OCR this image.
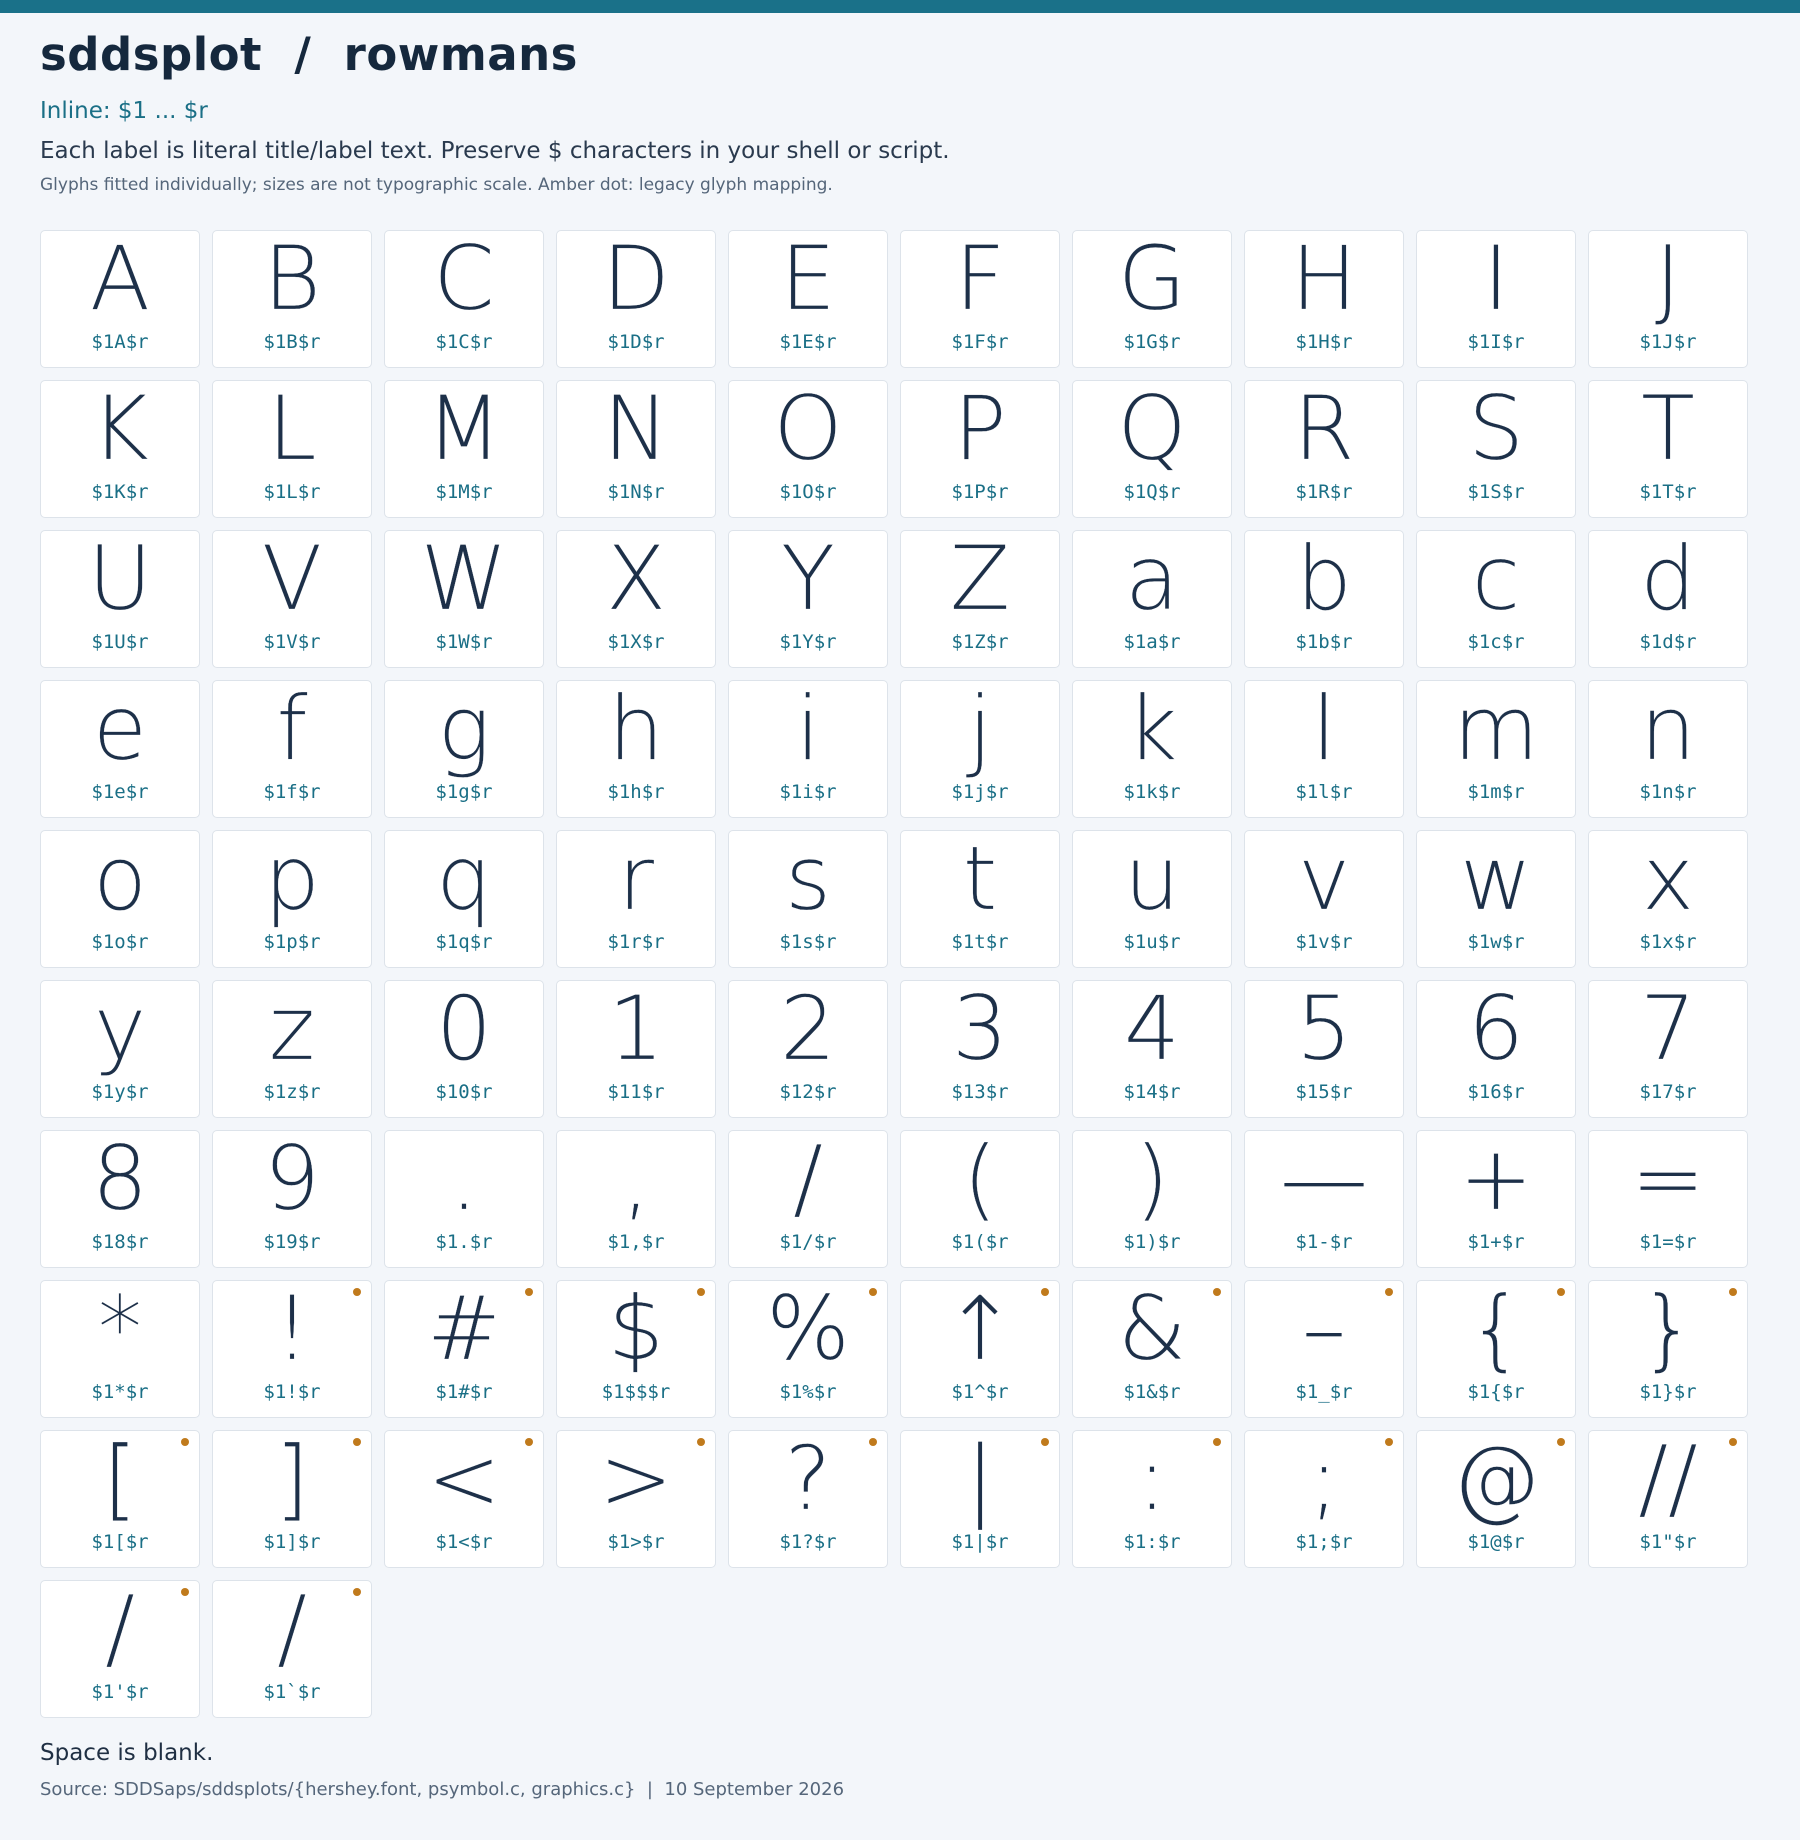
sddsplot  /  rowmans
Inline: $1 ... $r
Each label is literal title/label text. Preserve $ characters in your shell or script.
Glyphs fitted individually; sizes are not typographic scale. Amber dot: legacy glyph mapping.
A
$1A$r
B
$1B$r
C
$1C$r
D
$1D$r
E
$1E$r
F
$1F$r
G
$1G$r
H
$1H$r
I
$1I$r
J
$1J$r
K
$1K$r
L
$1L$r
M
$1M$r
N
$1N$r
O
$1O$r
P
$1P$r
Q
$1Q$r
R
$1R$r
S
$1S$r
T
$1T$r
U
$1U$r
V
$1V$r
W
$1W$r
X
$1X$r
Y
$1Y$r
Z
$1Z$r
a
$1a$r
b
$1b$r
c
$1c$r
d
$1d$r
e
$1e$r
f
$1f$r
g
$1g$r
h
$1h$r
i
$1i$r
j
$1j$r
k
$1k$r
l
$1l$r
m
$1m$r
n
$1n$r
o
$1o$r
p
$1p$r
q
$1q$r
r
$1r$r
s
$1s$r
t
$1t$r
u
$1u$r
v
$1v$r
w
$1w$r
x
$1x$r
y
$1y$r
z
$1z$r
0
$10$r
1
$11$r
2
$12$r
3
$13$r
4
$14$r
5
$15$r
6
$16$r
7
$17$r
8
$18$r
9
$19$r
.
$1.$r
,
$1,$r
/
$1/$r
(
$1($r
)
$1)$r
—
$1-$r
+
$1+$r
=
$1=$r
*
$1*$r
!
$1!$r
#
$1#$r
$
$1$$$r
%
$1%$r
↑
$1^$r
&
$1&$r
–
$1_$r
{
$1{$r
}
$1}$r
[
$1[$r
]
$1]$r
<
$1<$r
>
$1>$r
?
$1?$r
|
$1|$r
:
$1:$r
;
$1;$r
@
$1@$r
//
$1"$r
/
$1'$r
/
$1`$r
Space is blank.
Source: SDDSaps/sddsplots/{hershey.font, psymbol.c, graphics.c}  |  10 September 2026
